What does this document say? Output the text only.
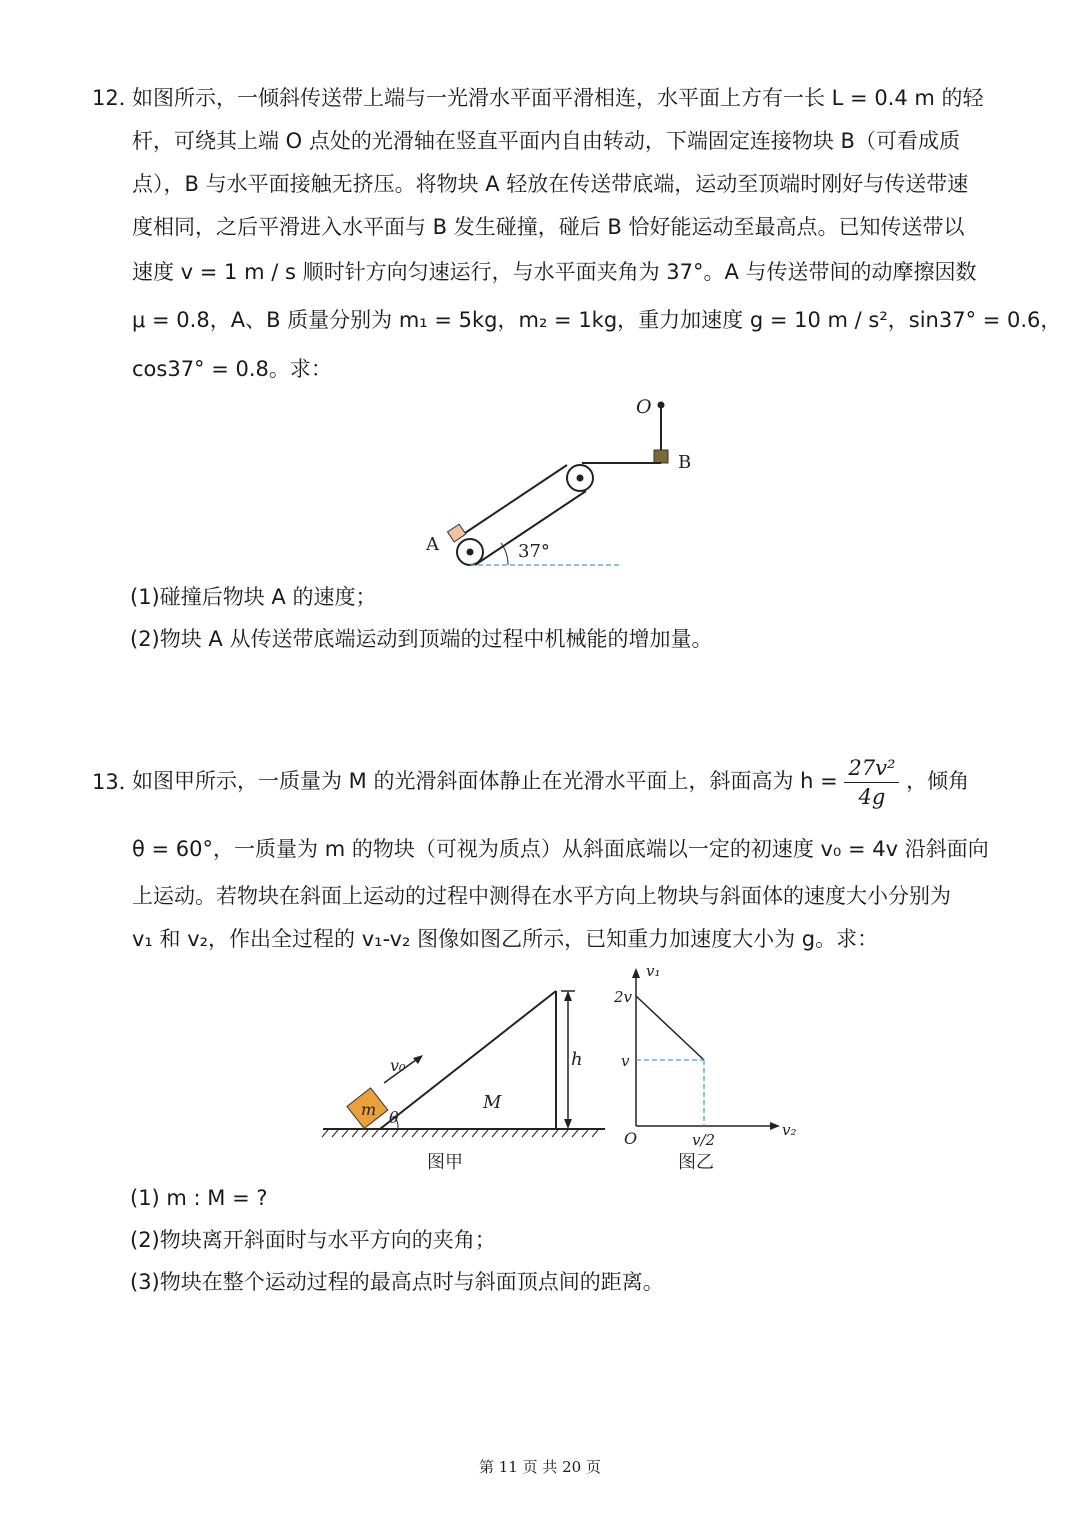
12．
如图所示，一倾斜传送带上端与一光滑水平面平滑相连，水平面上方有一长 L = 0.4 m 的轻
杆，可绕其上端 O 点处的光滑轴在竖直平面内自由转动，下端固定连接物块 B（可看成质
点），B 与水平面接触无挤压。将物块 A 轻放在传送带底端，运动至顶端时刚好与传送带速
度相同，之后平滑进入水平面与 B 发生碰撞，碰后 B 恰好能运动至最高点。已知传送带以
速度 v = 1 m / s 顺时针方向匀速运行，与水平面夹角为 37°。A 与传送带间的动摩擦因数
μ = 0.8，A、B 质量分别为 m₁ = 5kg，m₂ = 1kg，重力加速度 g = 10 m / s²，sin37° = 0.6，
cos37° = 0.8。求：
O
B
A	37°
(1)碰撞后物块 A 的速度；
(2)物块 A 从传送带底端运动到顶端的过程中机械能的增加量。
13．
如图甲所示，一质量为 M 的光滑斜面体静止在光滑水平面上，斜面高为 $h = \frac{\text{27v²}}{4g}$ ，倾角
θ = 60°，一质量为 m 的物块（可视为质点）从斜面底端以一定的初速度 v₀ = 4v 沿斜面向
上运动。若物块在斜面上运动的过程中测得在水平方向上物块与斜面体的速度大小分别为
v₁ 和 v₂，作出全过程的 v₁-v₂ 图像如图乙所示，已知重力加速度大小为 g。求：
v₀
m θ
M
h
图甲
v₁
v₂
2v
v
O	v/2
图乙
(1) m : M = ?
(2)物块离开斜面时与水平方向的夹角；
(3)物块在整个运动过程的最高点时与斜面顶点间的距离。
第 11 页 共 20 页
